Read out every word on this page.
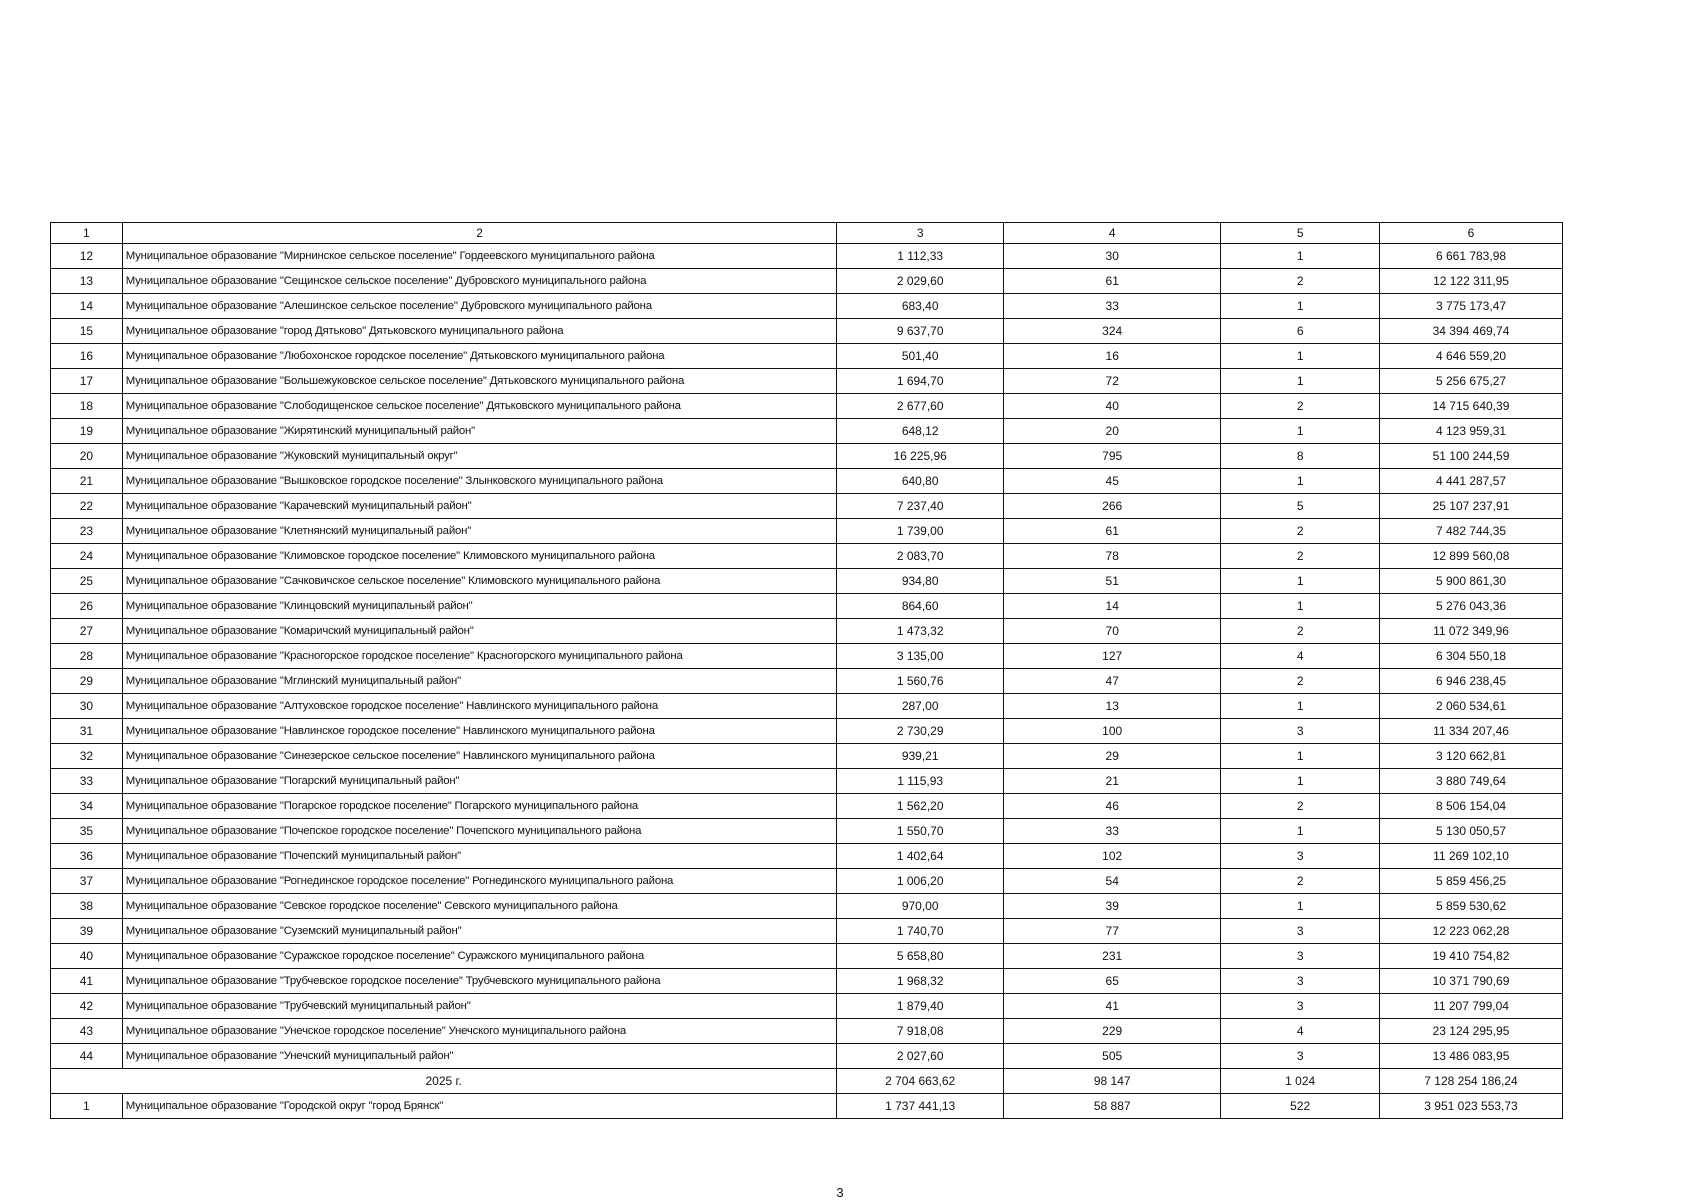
1	2	3	4	5	6
12	Муниципальное образование "Мирнинское сельское поселение" Гордеевского муниципального района	1 112,33	30	1	6 661 783,98
13	Муниципальное образование "Сещинское сельское поселение" Дубровского муниципального района	2 029,60	61	2	12 122 311,95
14	Муниципальное образование "Алешинское сельское поселение" Дубровского муниципального района	683,40	33	1	3 775 173,47
15	Муниципальное образование "город Дятьково" Дятьковского муниципального района	9 637,70	324	6	34 394 469,74
16	Муниципальное образование "Любохонское городское поселение" Дятьковского муниципального района	501,40	16	1	4 646 559,20
17	Муниципальное образование "Большежуковское сельское поселение" Дятьковского муниципального района	1 694,70	72	1	5 256 675,27
18	Муниципальное образование "Слободищенское сельское поселение" Дятьковского муниципального района	2 677,60	40	2	14 715 640,39
19	Муниципальное образование "Жирятинский муниципальный район"	648,12	20	1	4 123 959,31
20	Муниципальное образование "Жуковский муниципальный округ"	16 225,96	795	8	51 100 244,59
21	Муниципальное образование "Вышковское городское поселение" Злынковского муниципального района	640,80	45	1	4 441 287,57
22	Муниципальное образование "Карачевский муниципальный район"	7 237,40	266	5	25 107 237,91
23	Муниципальное образование "Клетнянский муниципальный район"	1 739,00	61	2	7 482 744,35
24	Муниципальное образование "Климовское городское поселение" Климовского муниципального района	2 083,70	78	2	12 899 560,08
25	Муниципальное образование "Сачковичское сельское поселение" Климовского муниципального района	934,80	51	1	5 900 861,30
26	Муниципальное образование "Клинцовский муниципальный район"	864,60	14	1	5 276 043,36
27	Муниципальное образование "Комаричский муниципальный район"	1 473,32	70	2	11 072 349,96
28	Муниципальное образование "Красногорское городское поселение" Красногорского муниципального района	3 135,00	127	4	6 304 550,18
29	Муниципальное образование "Мглинский муниципальный район"	1 560,76	47	2	6 946 238,45
30	Муниципальное образование "Алтуховское городское поселение" Навлинского муниципального района	287,00	13	1	2 060 534,61
31	Муниципальное образование "Навлинское городское поселение" Навлинского муниципального района	2 730,29	100	3	11 334 207,46
32	Муниципальное образование "Синезерское сельское поселение" Навлинского муниципального района	939,21	29	1	3 120 662,81
33	Муниципальное образование "Погарский муниципальный район"	1 115,93	21	1	3 880 749,64
34	Муниципальное образование "Погарское городское поселение" Погарского муниципального района	1 562,20	46	2	8 506 154,04
35	Муниципальное образование "Почепское городское поселение" Почепского муниципального района	1 550,70	33	1	5 130 050,57
36	Муниципальное образование "Почепский муниципальный район"	1 402,64	102	3	11 269 102,10
37	Муниципальное образование "Рогнединское городское поселение" Рогнединского муниципального района	1 006,20	54	2	5 859 456,25
38	Муниципальное образование "Севское городское поселение" Севского муниципального района	970,00	39	1	5 859 530,62
39	Муниципальное образование "Суземский муниципальный район"	1 740,70	77	3	12 223 062,28
40	Муниципальное образование "Суражское городское поселение" Суражского муниципального района	5 658,80	231	3	19 410 754,82
41	Муниципальное образование "Трубчевское городское поселение" Трубчевского муниципального района	1 968,32	65	3	10 371 790,69
42	Муниципальное образование "Трубчевский муниципальный район"	1 879,40	41	3	11 207 799,04
43	Муниципальное образование "Унечское городское поселение" Унечского муниципального района	7 918,08	229	4	23 124 295,95
44	Муниципальное образование "Унечский муниципальный район"	2 027,60	505	3	13 486 083,95
2025 г.		2 704 663,62	98 147	1 024	7 128 254 186,24
1	Муниципальное образование "Городской округ "город Брянск"	1 737 441,13	58 887	522	3 951 023 553,73
3
